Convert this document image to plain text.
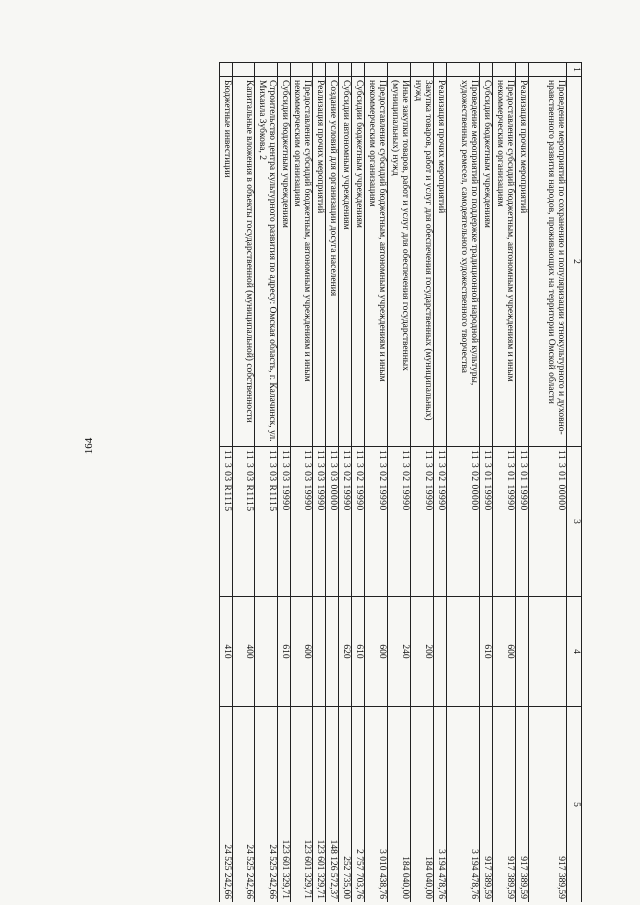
164
1	2	3	4	5
	Проведение мероприятий по сохранению и популяризации этнокультурного и духовно-нравственного развития народов, проживающих на территории Омской области	11 3 01 00000		917 389,59
	Реализация прочих мероприятий	11 3 01 19990		917 389,59
	Предоставление субсидий бюджетным, автономным учреждениям и иным некоммерческим организациям	11 3 01 19990	600	917 389,59
	Субсидии бюджетным учреждениям	11 3 01 19990	610	917 389,59
	Проведение мероприятий по поддержке традиционной народной культуры, художественных ремесел, самодеятельного художественного творчества	11 3 02 00000		3 194 478,76
	Реализация прочих мероприятий	11 3 02 19990		3 194 478,76
	Закупка товаров, работ и услуг для обеспечения государственных (муниципальных) нужд	11 3 02 19990	200	184 040,00
	Иные закупки товаров, работ и услуг для обеспечения государственных (муниципальных) нужд	11 3 02 19990	240	184 040,00
	Предоставление субсидий бюджетным, автономным учреждениям и иным некоммерческим организациям	11 3 02 19990	600	3 010 438,76
	Субсидии бюджетным учреждениям	11 3 02 19990	610	2 757 703,76
	Субсидии автономным учреждениям	11 3 02 19990	620	252 735,00
	Создание условий для организации досуга населения	11 3 03 00000		148 126 572,37
	Реализация прочих мероприятий	11 3 03 19990		123 601 329,71
	Предоставление субсидий бюджетным, автономным учреждениям и иным некоммерческим организациям	11 3 03 19990	600	123 601 329,71
	Субсидии бюджетным учреждениям	11 3 03 19990	610	123 601 329,71
	Строительство центра культурного развития по адресу: Омская область, г. Калачинск, ул. Михаила Зубкова, 2	11 3 03 R1115		24 525 242,66
	Капитальные вложения в объекты государственной (муниципальной) собственности	11 3 03 R1115	400	24 525 242,66
	Бюджетные инвестиции	11 3 03 R1115	410	24 525 242,66
